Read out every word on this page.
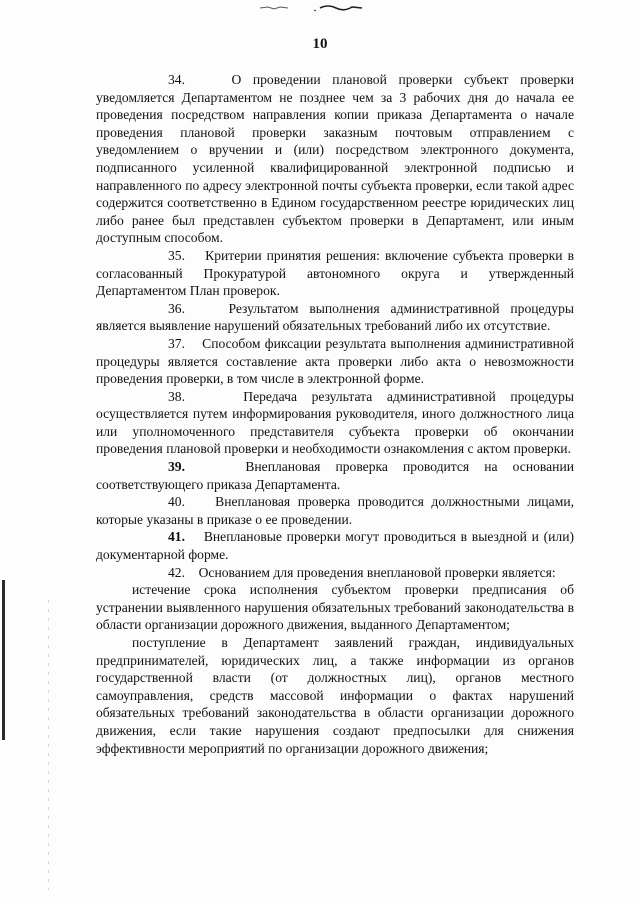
10

34.	О проведении плановой проверки субъект проверки уведомляется Департаментом не позднее чем за 3 рабочих дня до начала ее проведения посредством направления копии приказа Департамента о начале проведения плановой проверки заказным почтовым отправлением с уведомлением о вручении и (или) посредством электронного документа, подписанного усиленной квалифицированной электронной подписью и направленного по адресу электронной почты субъекта проверки, если такой адрес содержится соответственно в Едином государственном реестре юридических лиц либо ранее был представлен субъектом проверки в Департамент, или иным доступным способом.

35. Критерии принятия решения: включение субъекта проверки в согласованный Прокуратурой автономного округа и утвержденный Департаментом План проверок.

36.	Результатом выполнения административной процедуры является выявление нарушений обязательных требований либо их отсутствие.

37. Способом фиксации результата выполнения административной процедуры является составление акта проверки либо акта о невозможности проведения проверки, в том числе в электронной форме.

38.	Передача результата административной процедуры осуществляется путем информирования руководителя, иного должностного лица или уполномоченного представителя субъекта проверки об окончании проведения плановой проверки и необходимости ознакомления с актом проверки.

39.	Внеплановая проверка проводится на основании соответствующего приказа Департамента.

40. Внеплановая проверка проводится должностными лицами, которые указаны в приказе о ее проведении.

41. Внеплановые проверки могут проводиться в выездной и (или) документарной форме.

42. Основанием для проведения внеплановой проверки является:

истечение срока исполнения субъектом проверки предписания об устранении выявленного нарушения обязательных требований законодательства в области организации дорожного движения, выданного Департаментом;

поступление в Департамент заявлений граждан, индивидуальных предпринимателей, юридических лиц, а также информации из органов государственной власти (от должностных лиц), органов местного самоуправления, средств массовой информации о фактах нарушений обязательных требований законодательства в области организации дорожного движения, если такие нарушения создают предпосылки для снижения эффективности мероприятий по организации дорожного движения;
